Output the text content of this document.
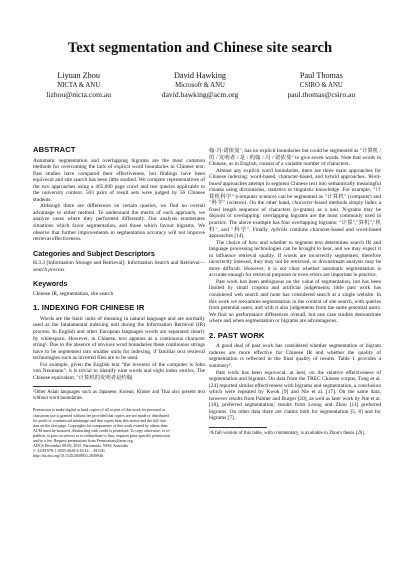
Text segmentation and Chinese site search
Liyuan Zhou
NICTA & ANU
lizhou@nicta.com.au
David Hawking
Microsoft & ANU
david.hawking@acm.org
Paul Thomas
CSIRO & ANU
paul.thomas@csiro.au
ABSTRACT

Automatic segmentation and overlapping bigrams are the most common methods for overcoming the lack of explicit word boundaries in Chinese text. Past studies have compared their effectiveness, but findings have been equivocal and site search has been little studied. We compare representatives of the two approaches using a 465,000 page crawl and test queries applicable to the university context. 503 pairs of result sets were judged by 56 Chinese students.

Although there are differences on certain queries, we find no overall advantage to either method. To understand the merits of each approach, we analyze cases where they performed differently. Our analysis enumerates situations which favor segmentation, and those which favour bigrams. We observe that further improvements in segmentation accuracy will not improve retrieval effectiveness.

Categories and Subject Descriptors

H.3.3 [Information Storage and Retrieval]: Information Search and Retrieval—search process

Keywords

Chinese IR, segmentation, site search

1. INDEXING FOR CHINESE IR

Words are the basic units of meaning in natural language and are normally used as the fundamental indexing unit during the Information Retrieval (IR) process. In English and other European languages words are separated clearly by whitespace. However, in Chinese, text appears as a continuous character string¹. Due to the absence of obvious word boundaries these continuous strings have to be segmented into smaller units for indexing, if familiar text retrieval technologies such as inverted files are to be used.

For example, given the English text "the inventor of the computer is John von Neumann", it is trivial to identify nine words and eight index entries. The Chinese equivalent, "计算机的发明者是约翰

¹Other Asian languages such as Japanese, Korean, Khmer and Thai also present text without word boundaries.
Permission to make digital or hard copies of all or part of this work for personal or
classroom use is granted without fee provided that copies are not made or distributed
for profit or commercial advantage and that copies bear this notice and the full cita-
tion on the first page. Copyrights for components of this work owned by others than
ACM must be honored. Abstracting with credit is permitted. To copy otherwise, or re-
publish, to post on servers or to redistribute to lists, requires prior specific permission
and/or a fee. Request permissions from Permissions@acm.org.
ADCS December 08-09, 2015, Parramatta, NSW, Australia
© ACM 978-1-4503-4040-3/15/12 ... $15.00.
http://dx.doi.org/10.1145/2838931.2838946

翰·冯·诺依曼", has no explicit boundaries but could be segmented as "计算机 / 的 / 发明者 / 是 / 约翰 / 冯 / 诺依曼" to give seven words. Note that words in Chinese, as in English, consist of a variable number of characters.

Almost any explicit word boundaries, there are three main approaches for Chinese indexing: word-based, character-based, and hybrid approaches. Word-based approaches attempt to segment Chinese text into semantically meaningful chunks using dictionaries, statistics or linguistic knowledge. For example, "计算机科学" (computer science) can be segmented as "计算机" (computer) and "科学" (science). On the other hand, character-based methods simply index a fixed length sequence of characters (n-grams) as a unit. N-grams may be disjoint or overlapping: overlapping bigrams are the most commonly used in practice. The above example has four overlapping bigrams: "计算","算机","机科", and "科学". Finally, hybrids combine character-based and word-based approaches [14].

The choice of how and whether to segment text determines search IR and language processing technologies can be brought to bear, and we may expect it to influence retrieval quality. If words are incorrectly segmented, therefore incorrectly indexed, they may not be retrieved, or downstream analysis may be more difficult. However, it is not clear whether automatic segmentation is accurate enough for retrieval purposes or even errors are important in practice.

Past work has been ambiguous on the value of segmentation, but has been limited by small corpora and artificial judgements; little past work has considered web search and none has considered search at a single website. In this work we reexamine segmentation in the context of site search, with queries from potential users, and with it also judgements from the same potential users. We find no performance differences overall, but one case studies demonstrate where and when segmentation or bigrams are advantageous.

2. PAST WORK

A good deal of past work has considered whether segmentation or bigram indexes are more effective for Chinese IR and whether the quality of segmentation is reflected in the final quality of results. Table 1 provides a summary².

Past work has been equivocal, at best, on the relative effectiveness of segmentation and bigrams. On data from the TREC Chinese corpus, Tong et al. [24] reported similar effectiveness with bigrams and segmentation, a conclusion which were repeated by Kwok [9] and Nie et al. [17]. On the same data, however results from Palmer and Burger [20], as well as later work by Nie et al. [18], preferred segmentation; results from Leong and Zhou [11] preferred bigrams. On other data there are claims both for segmentation [5, 8] and for bigrams [7].

²A full version of this table, with commentary, is available in Zhou's thesis [26].
